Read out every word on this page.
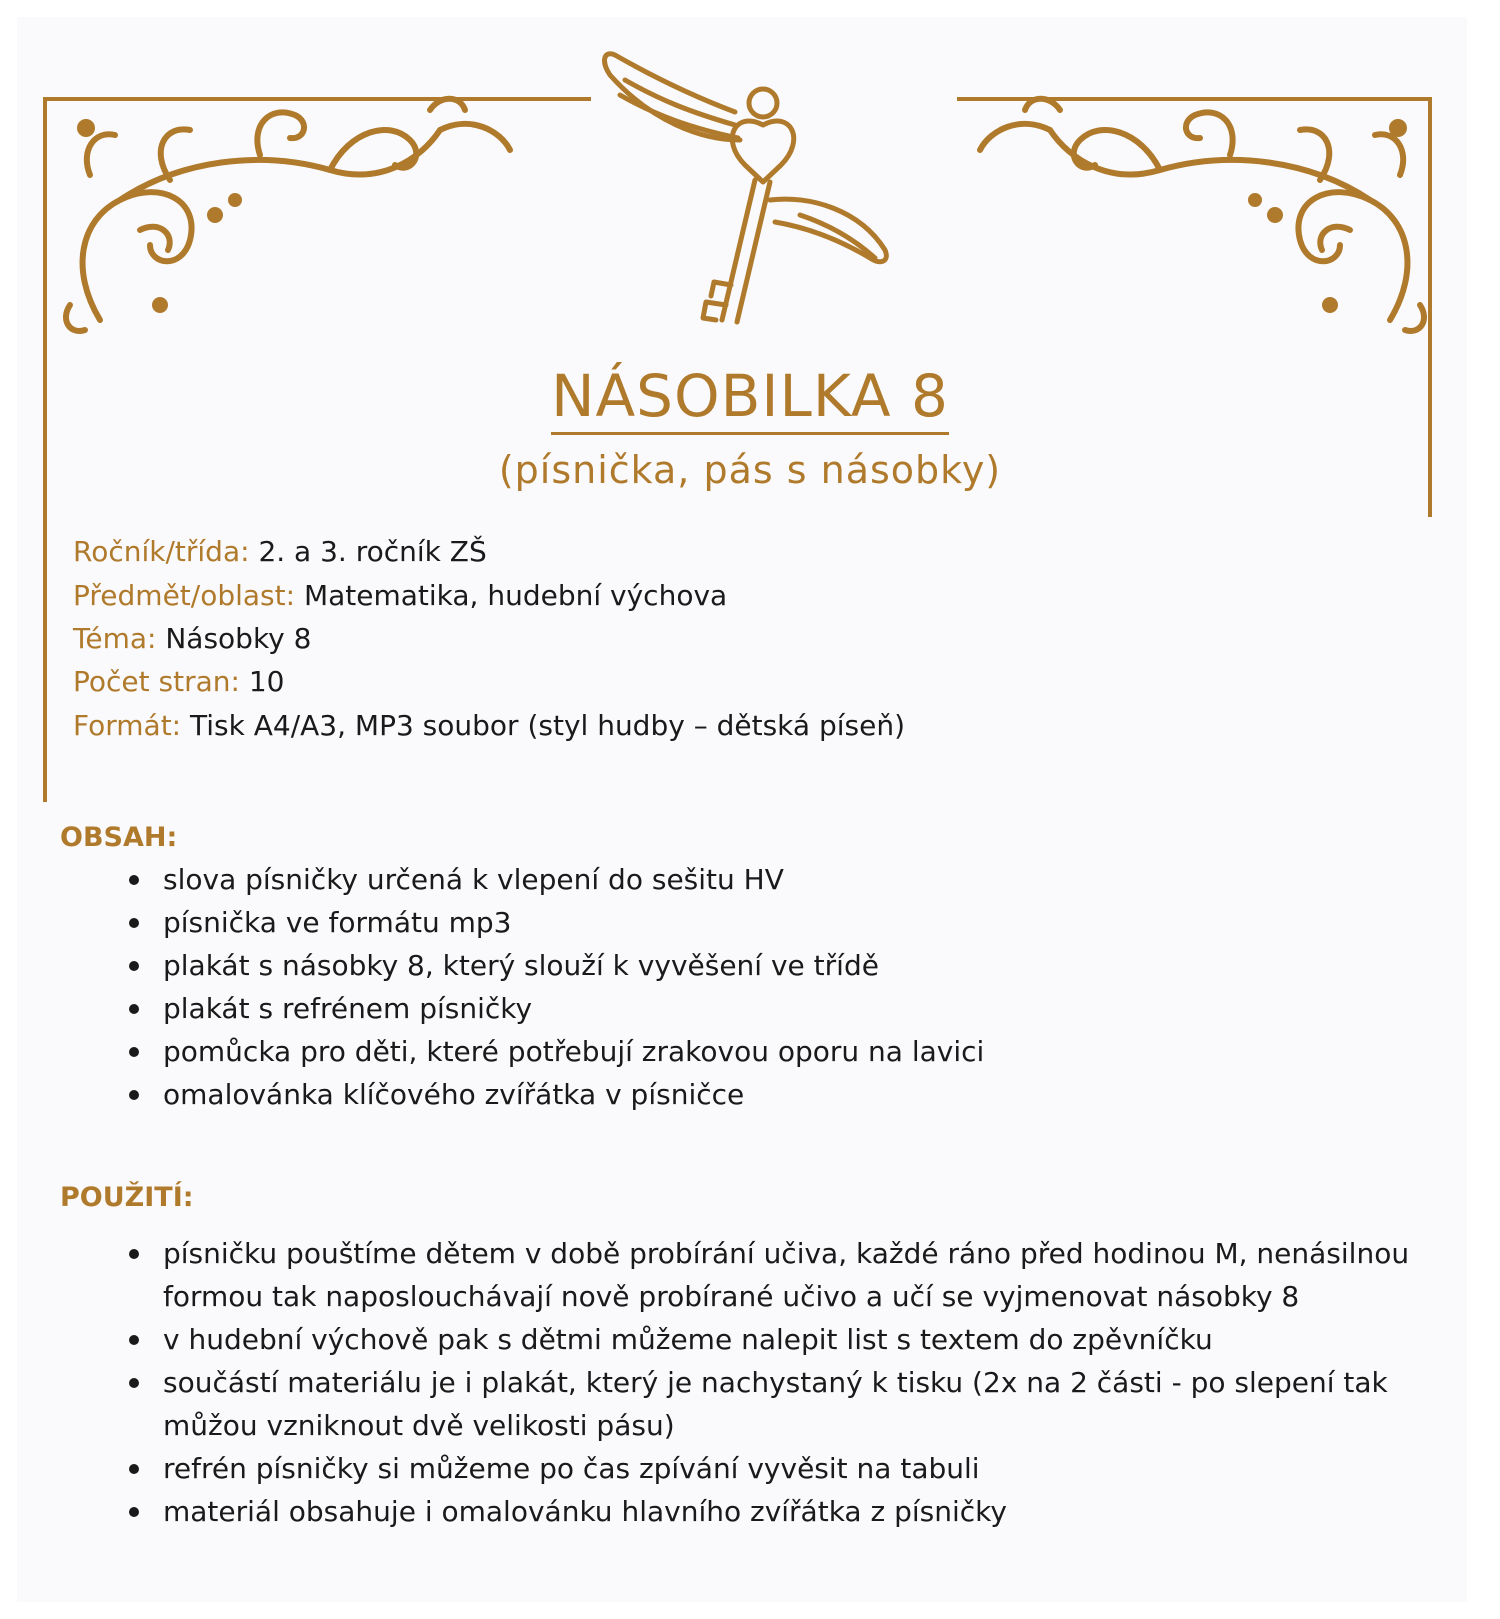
NÁSOBILKA 8
(písnička, pás s násobky)
Ročník/třída: 2. a 3. ročník ZŠ
Předmět/oblast: Matematika, hudební výchova
Téma: Násobky 8
Počet stran: 10
Formát: Tisk A4/A3, MP3 soubor (styl hudby – dětská píseň)
OBSAH:
slova písničky určená k vlepení do sešitu HV
písnička ve formátu mp3
plakát s násobky 8, který slouží k vyvěšení ve třídě
plakát s refrénem písničky
pomůcka pro děti, které potřebují zrakovou oporu na lavici
omalovánka klíčového zvířátka v písničce
POUŽITÍ:
písničku pouštíme dětem v době probírání učiva, každé ráno před hodinou M, nenásilnou formou tak naposlouchávají nově probírané učivo a učí se vyjmenovat násobky 8
v hudební výchově pak s dětmi můžeme nalepit list s textem do zpěvníčku
součástí materiálu je i plakát, který je nachystaný k tisku (2x na 2 části - po slepení tak můžou vzniknout dvě velikosti pásu)
refrén písničky si můžeme po čas zpívání vyvěsit na tabuli
materiál obsahuje i omalovánku hlavního zvířátka z písničky
